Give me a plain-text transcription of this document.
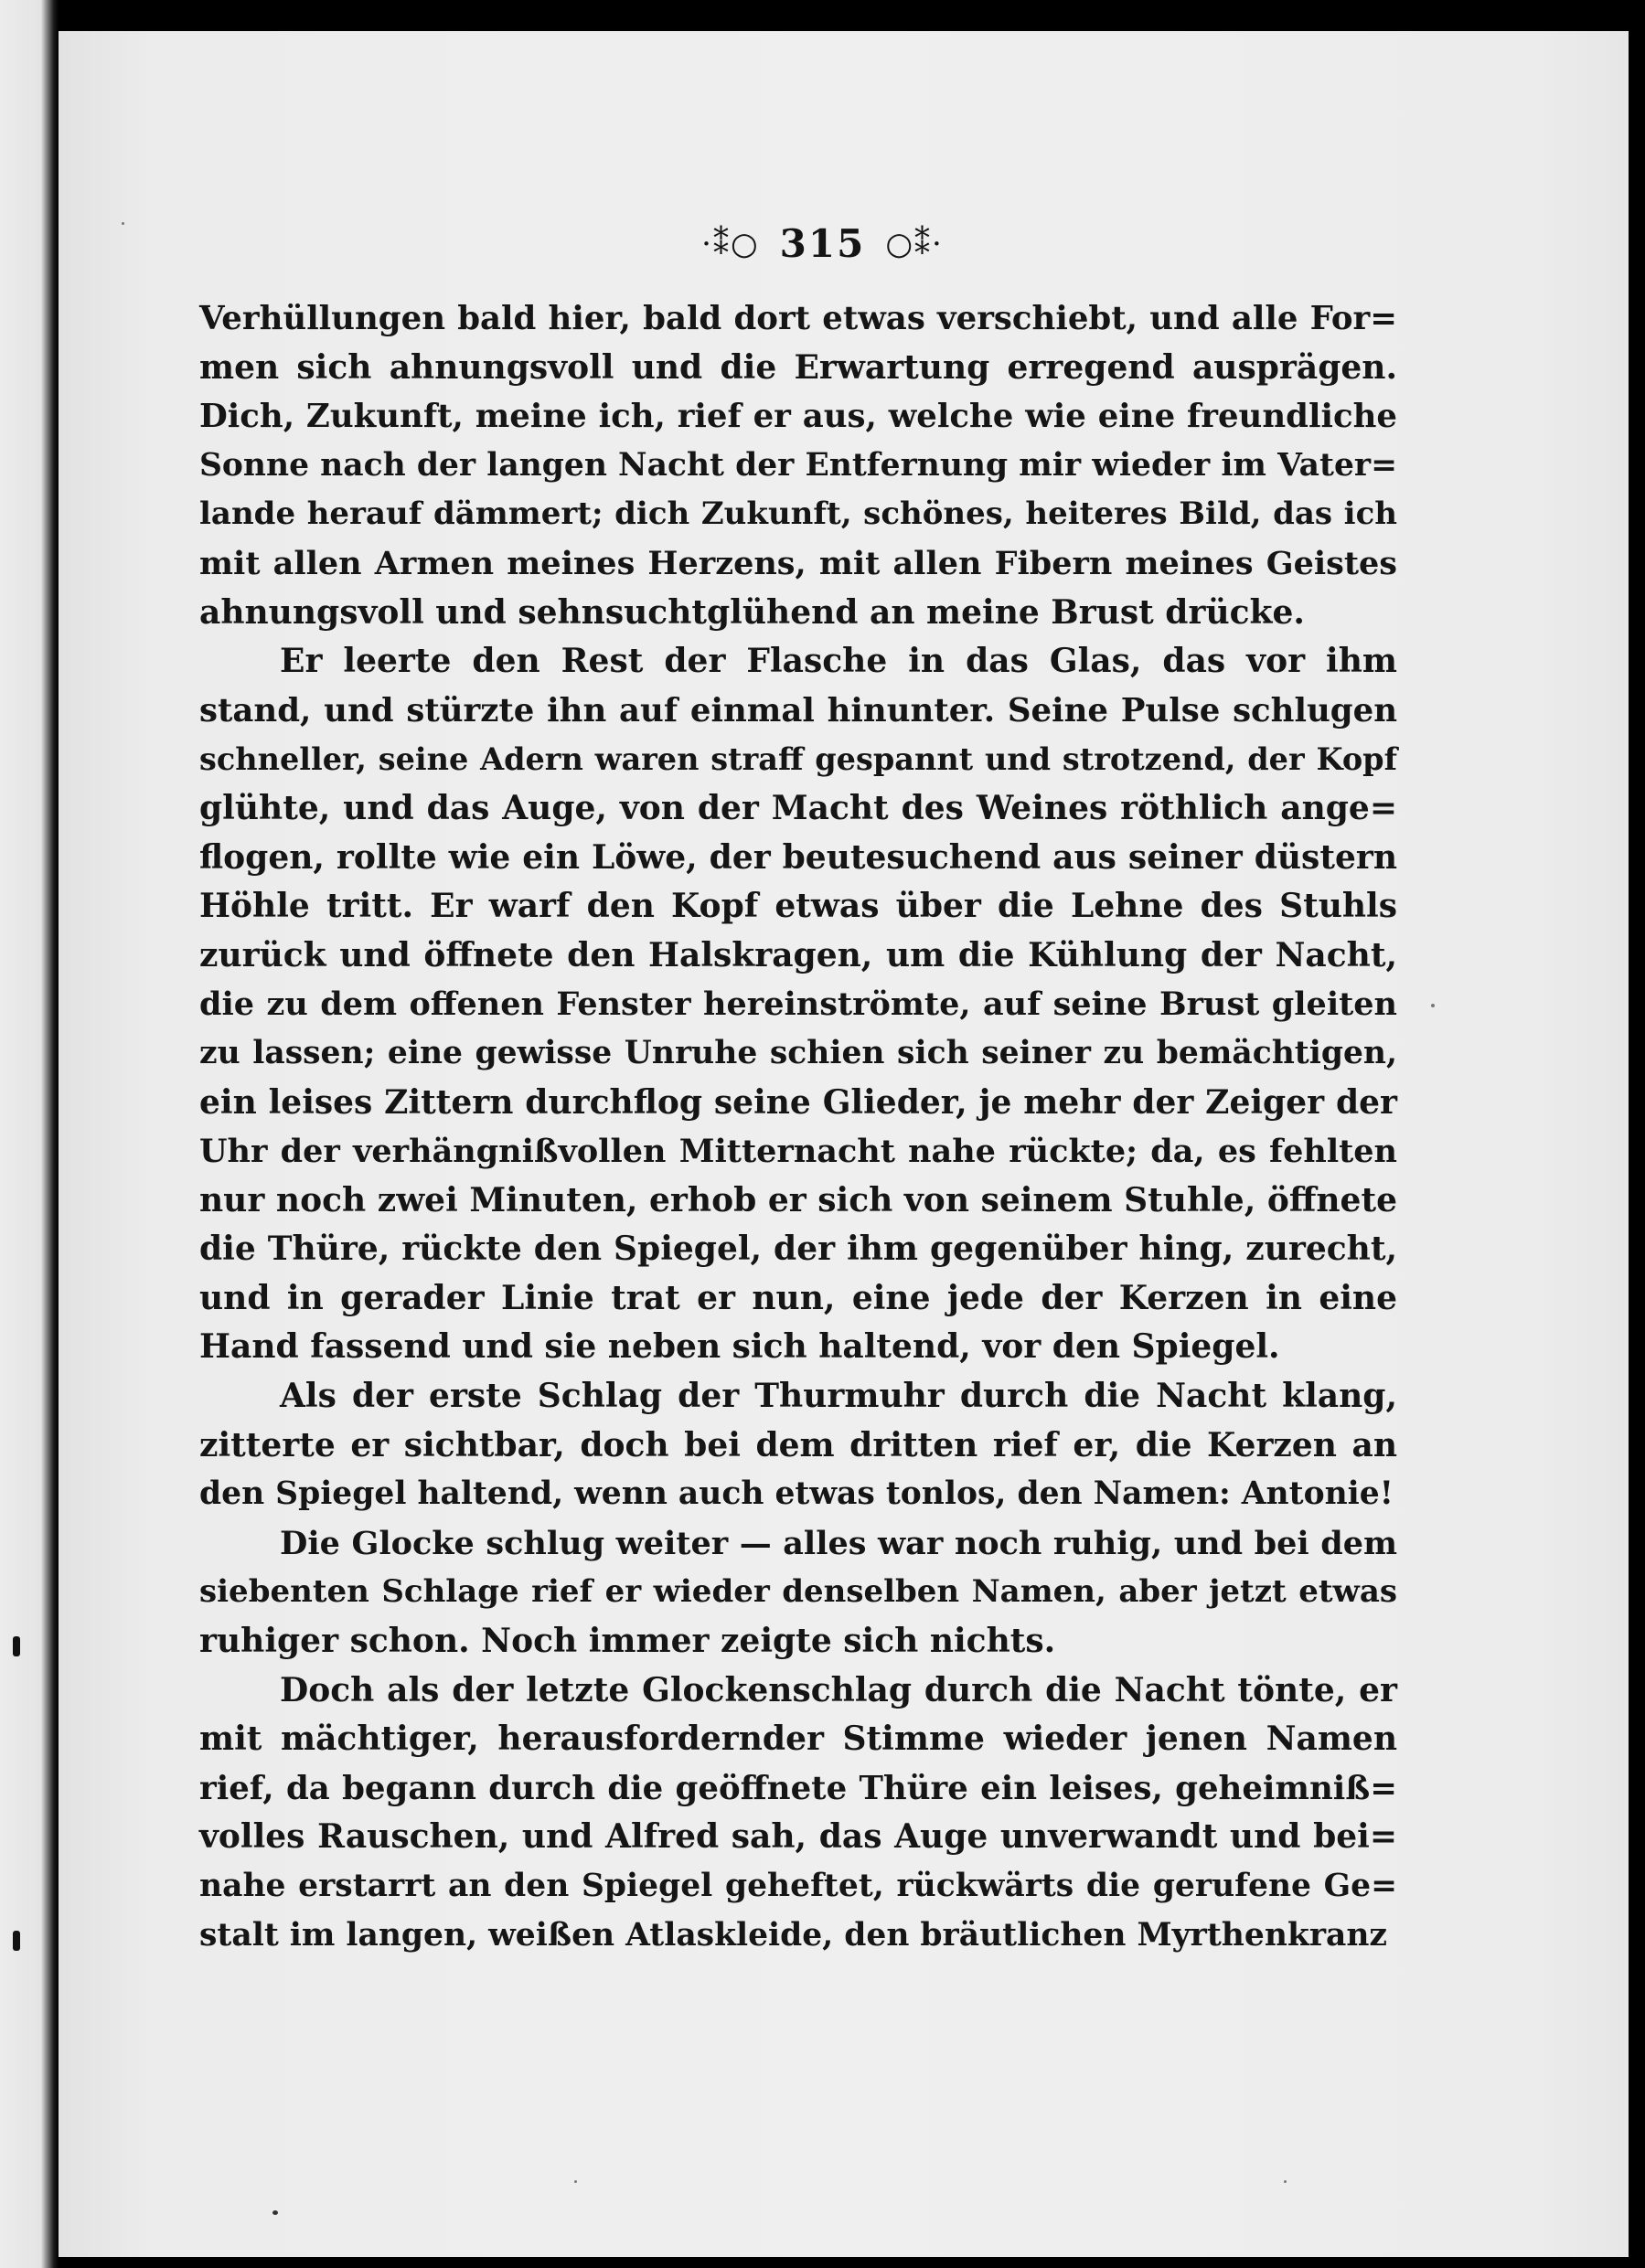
·⁑○ 315 ○⁑·
Verhüllungen bald hier, bald dort etwas verschiebt, und alle For=
men sich ahnungsvoll und die Erwartung erregend ausprägen.
Dich, Zukunft, meine ich, rief er aus, welche wie eine freundliche
Sonne nach der langen Nacht der Entfernung mir wieder im Vater=
lande herauf dämmert; dich Zukunft, schönes, heiteres Bild, das ich
mit allen Armen meines Herzens, mit allen Fibern meines Geistes
ahnungsvoll und sehnsuchtglühend an meine Brust drücke.
Er leerte den Rest der Flasche in das Glas, das vor ihm
stand, und stürzte ihn auf einmal hinunter. Seine Pulse schlugen
schneller, seine Adern waren straff gespannt und strotzend, der Kopf
glühte, und das Auge, von der Macht des Weines röthlich ange=
flogen, rollte wie ein Löwe, der beutesuchend aus seiner düstern
Höhle tritt. Er warf den Kopf etwas über die Lehne des Stuhls
zurück und öffnete den Halskragen, um die Kühlung der Nacht,
die zu dem offenen Fenster hereinströmte, auf seine Brust gleiten
zu lassen; eine gewisse Unruhe schien sich seiner zu bemächtigen,
ein leises Zittern durchflog seine Glieder, je mehr der Zeiger der
Uhr der verhängnißvollen Mitternacht nahe rückte; da, es fehlten
nur noch zwei Minuten, erhob er sich von seinem Stuhle, öffnete
die Thüre, rückte den Spiegel, der ihm gegenüber hing, zurecht,
und in gerader Linie trat er nun, eine jede der Kerzen in eine
Hand fassend und sie neben sich haltend, vor den Spiegel.
Als der erste Schlag der Thurmuhr durch die Nacht klang,
zitterte er sichtbar, doch bei dem dritten rief er, die Kerzen an
den Spiegel haltend, wenn auch etwas tonlos, den Namen: Antonie!
Die Glocke schlug weiter — alles war noch ruhig, und bei dem
siebenten Schlage rief er wieder denselben Namen, aber jetzt etwas
ruhiger schon. Noch immer zeigte sich nichts.
Doch als der letzte Glockenschlag durch die Nacht tönte, er
mit mächtiger, herausfordernder Stimme wieder jenen Namen
rief, da begann durch die geöffnete Thüre ein leises, geheimniß=
volles Rauschen, und Alfred sah, das Auge unverwandt und bei=
nahe erstarrt an den Spiegel geheftet, rückwärts die gerufene Ge=
stalt im langen, weißen Atlaskleide, den bräutlichen Myrthenkranz
